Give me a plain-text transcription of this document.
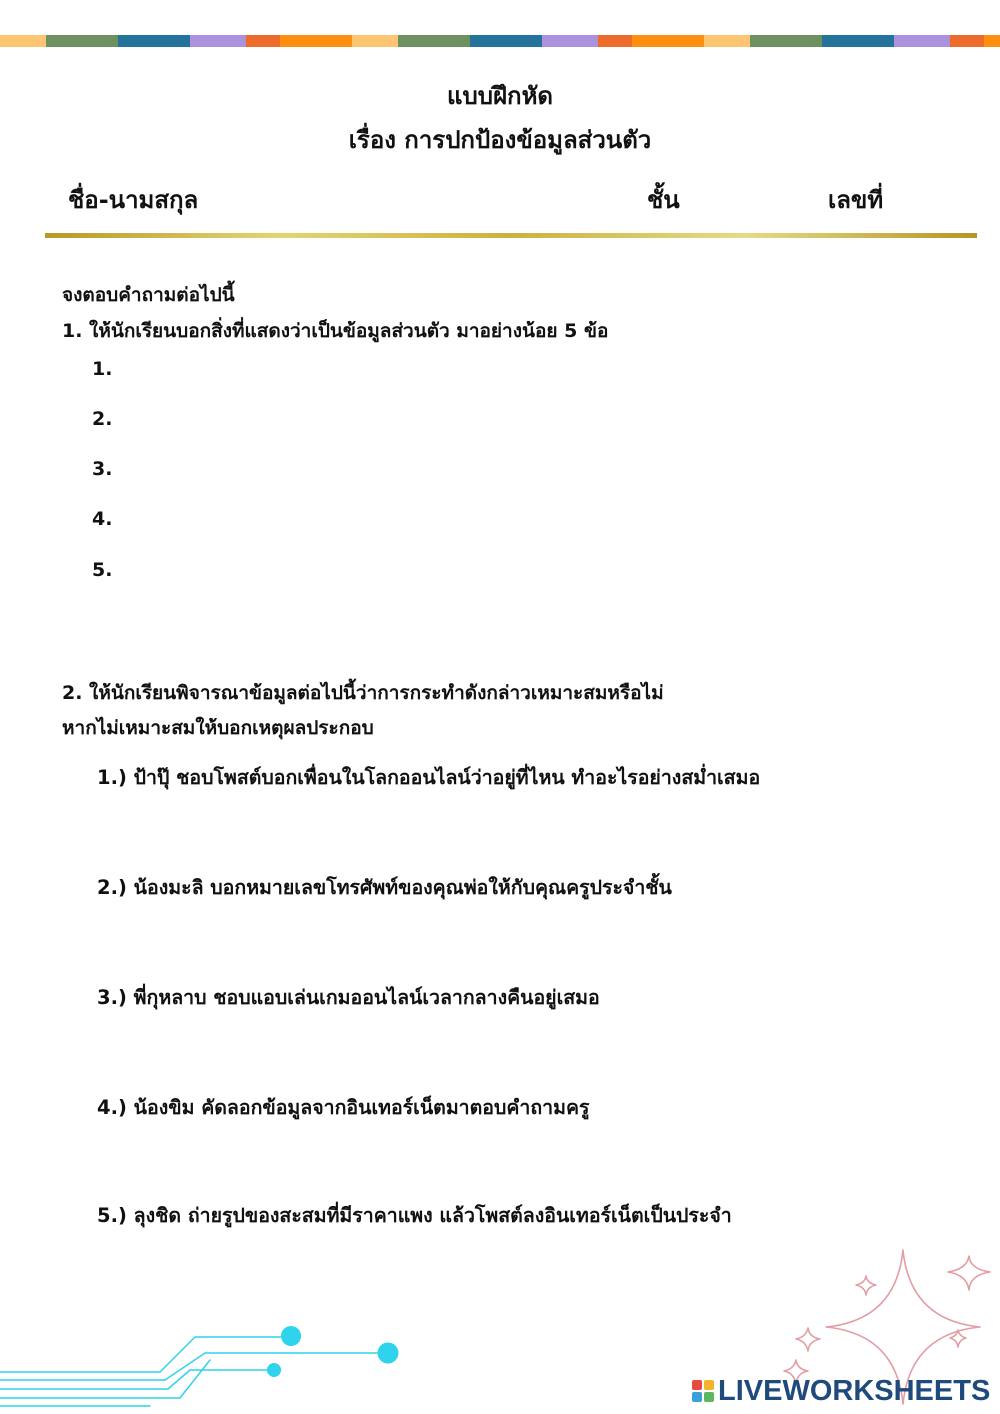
แบบฝึกหัด
เรื่อง การปกป้องข้อมูลส่วนตัว
ชื่อ-นามสกุล	ชั้น	เลขที่
จงตอบคำถามต่อไปนี้
1. ให้นักเรียนบอกสิ่งที่แสดงว่าเป็นข้อมูลส่วนตัว มาอย่างน้อย 5 ข้อ
1.
2.
3.
4.
5.
2. ให้นักเรียนพิจารณาข้อมูลต่อไปนี้ว่าการกระทำดังกล่าวเหมาะสมหรือไม่
หากไม่เหมาะสมให้บอกเหตุผลประกอบ
1.) ป้าปุ๊ ชอบโพสต์บอกเพื่อนในโลกออนไลน์ว่าอยู่ที่ไหน ทำอะไรอย่างสม่ำเสมอ
2.) น้องมะลิ บอกหมายเลขโทรศัพท์ของคุณพ่อให้กับคุณครูประจำชั้น
3.) พี่กุหลาบ ชอบแอบเล่นเกมออนไลน์เวลากลางคืนอยู่เสมอ
4.) น้องขิม คัดลอกข้อมูลจากอินเทอร์เน็ตมาตอบคำถามครู
5.) ลุงชิด ถ่ายรูปของสะสมที่มีราคาแพง แล้วโพสต์ลงอินเทอร์เน็ตเป็นประจำ
LIVEWORKSHEETS
